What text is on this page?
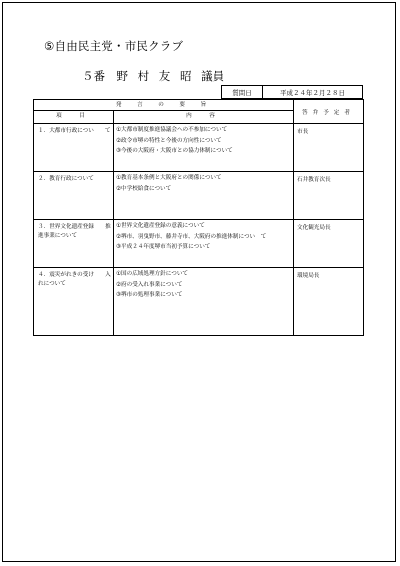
⑤自由民主党・市民クラブ
５番　野 村 友 昭 議員
質問日	平成２４年２月２８日
発　言　の　要　旨		答弁予定者
項　目	内　容	
１．大都市行政につい　　て	①大都市制度推進協議会への不参加について
②政令市堺の特性と今後の方向性について
③今後の大阪府・大阪市との協力体制について	市長
２．教育行政について	①教育基本条例と大阪府との関係について
②中学校給食について	石井教育次長
３．世界文化遺産登録　　推進事業について	①世界文化遺産登録の意義について
②堺市、羽曳野市、藤井寺市、大阪府の推進体制につい　て
③平成２４年度堺市当初予算について	文化観光局長
４．震災がれきの受け　　入れについて	①国の広域処理方針について
②府の受入れ事業について
③堺市の処理事業について	環境局長
